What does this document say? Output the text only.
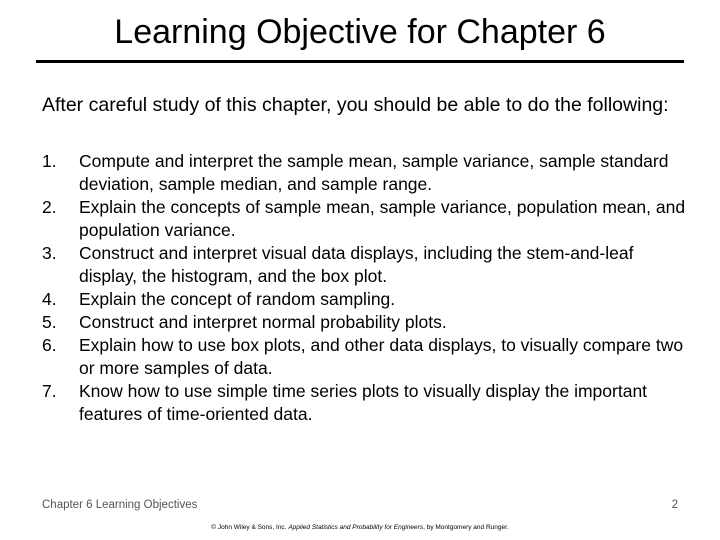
Learning Objective for Chapter 6
After careful study of this chapter, you should be able to do the following:
1. Compute and interpret the sample mean, sample variance, sample standard deviation, sample median, and sample range.
2. Explain the concepts of sample mean, sample variance, population mean, and population variance.
3. Construct and interpret visual data displays, including the stem-and-leaf display, the histogram, and the box plot.
4. Explain the concept of random sampling.
5. Construct and interpret normal probability plots.
6. Explain how to use box plots, and other data displays, to visually compare two or more samples of data.
7. Know how to use simple time series plots to visually display the important features of time-oriented data.
Chapter 6 Learning Objectives	2
© John Wiley & Sons, Inc. Applied Statistics and Probability for Engineers, by Montgomery and Runger.
